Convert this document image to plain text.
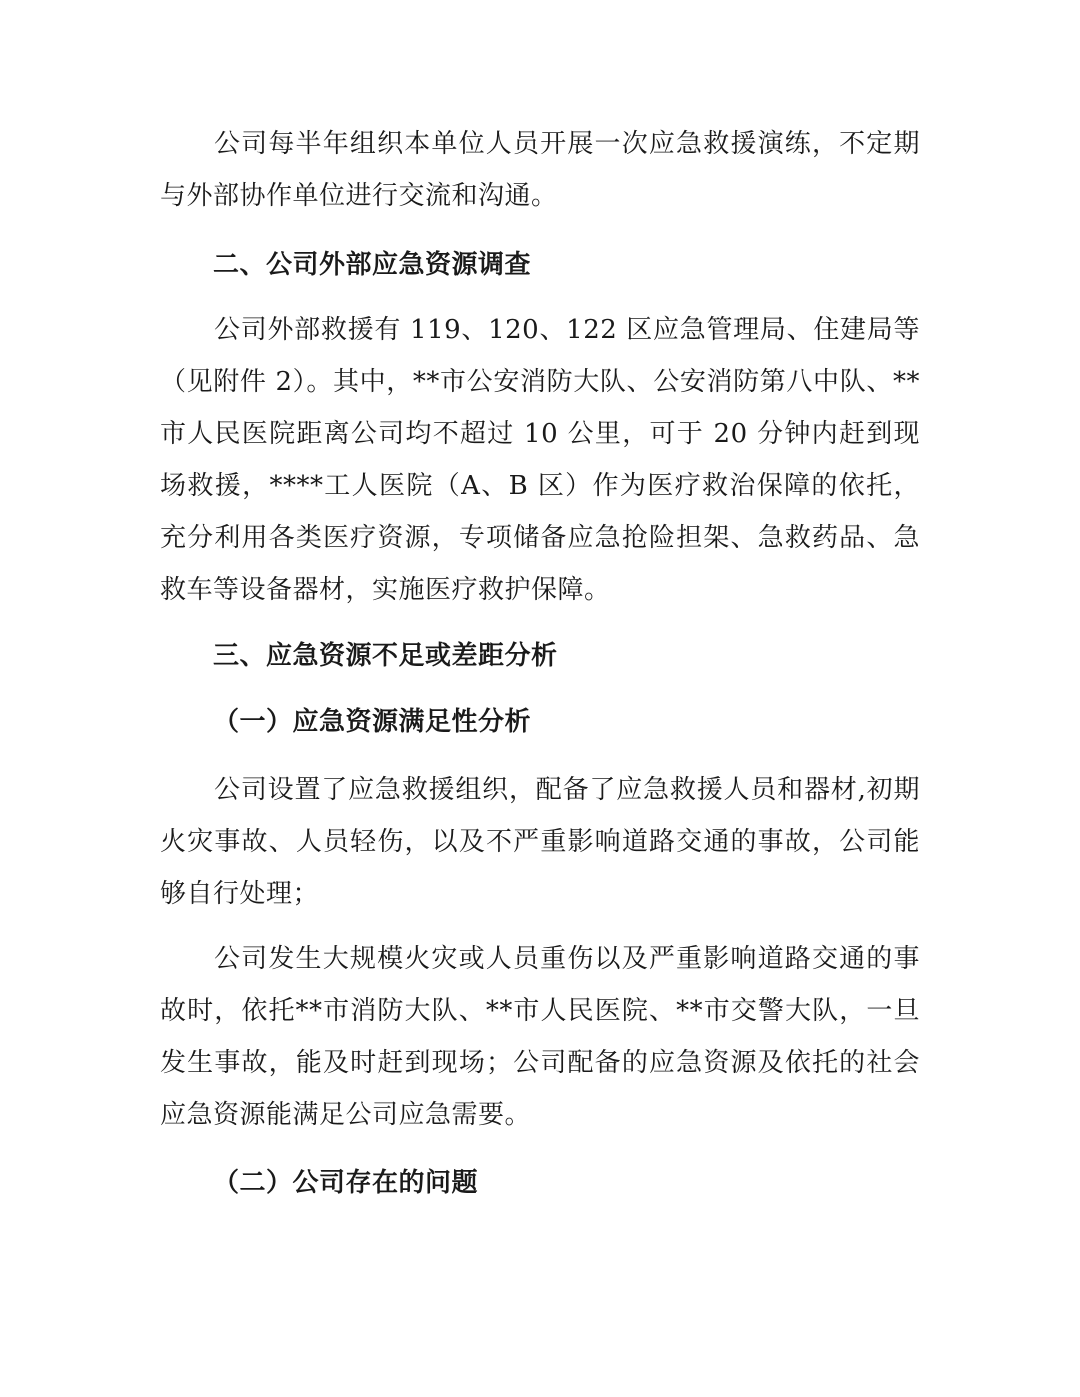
公司每半年组织本单位人员开展一次应急救援演练，不定期与外部协作单位进行交流和沟通。

二、公司外部应急资源调查

公司外部救援有 119、120、122 区应急管理局、住建局等（见附件 2）。其中，**市公安消防大队、公安消防第八中队、**市人民医院距离公司均不超过 10 公里，可于 20 分钟内赶到现场救援，****工人医院（A、B 区）作为医疗救治保障的依托，充分利用各类医疗资源，专项储备应急抢险担架、急救药品、急救车等设备器材，实施医疗救护保障。

三、应急资源不足或差距分析

（一）应急资源满足性分析

公司设置了应急救援组织，配备了应急救援人员和器材,初期火灾事故、人员轻伤，以及不严重影响道路交通的事故，公司能够自行处理；

公司发生大规模火灾或人员重伤以及严重影响道路交通的事故时，依托**市消防大队、**市人民医院、**市交警大队，一旦发生事故，能及时赶到现场；公司配备的应急资源及依托的社会应急资源能满足公司应急需要。

（二）公司存在的问题
